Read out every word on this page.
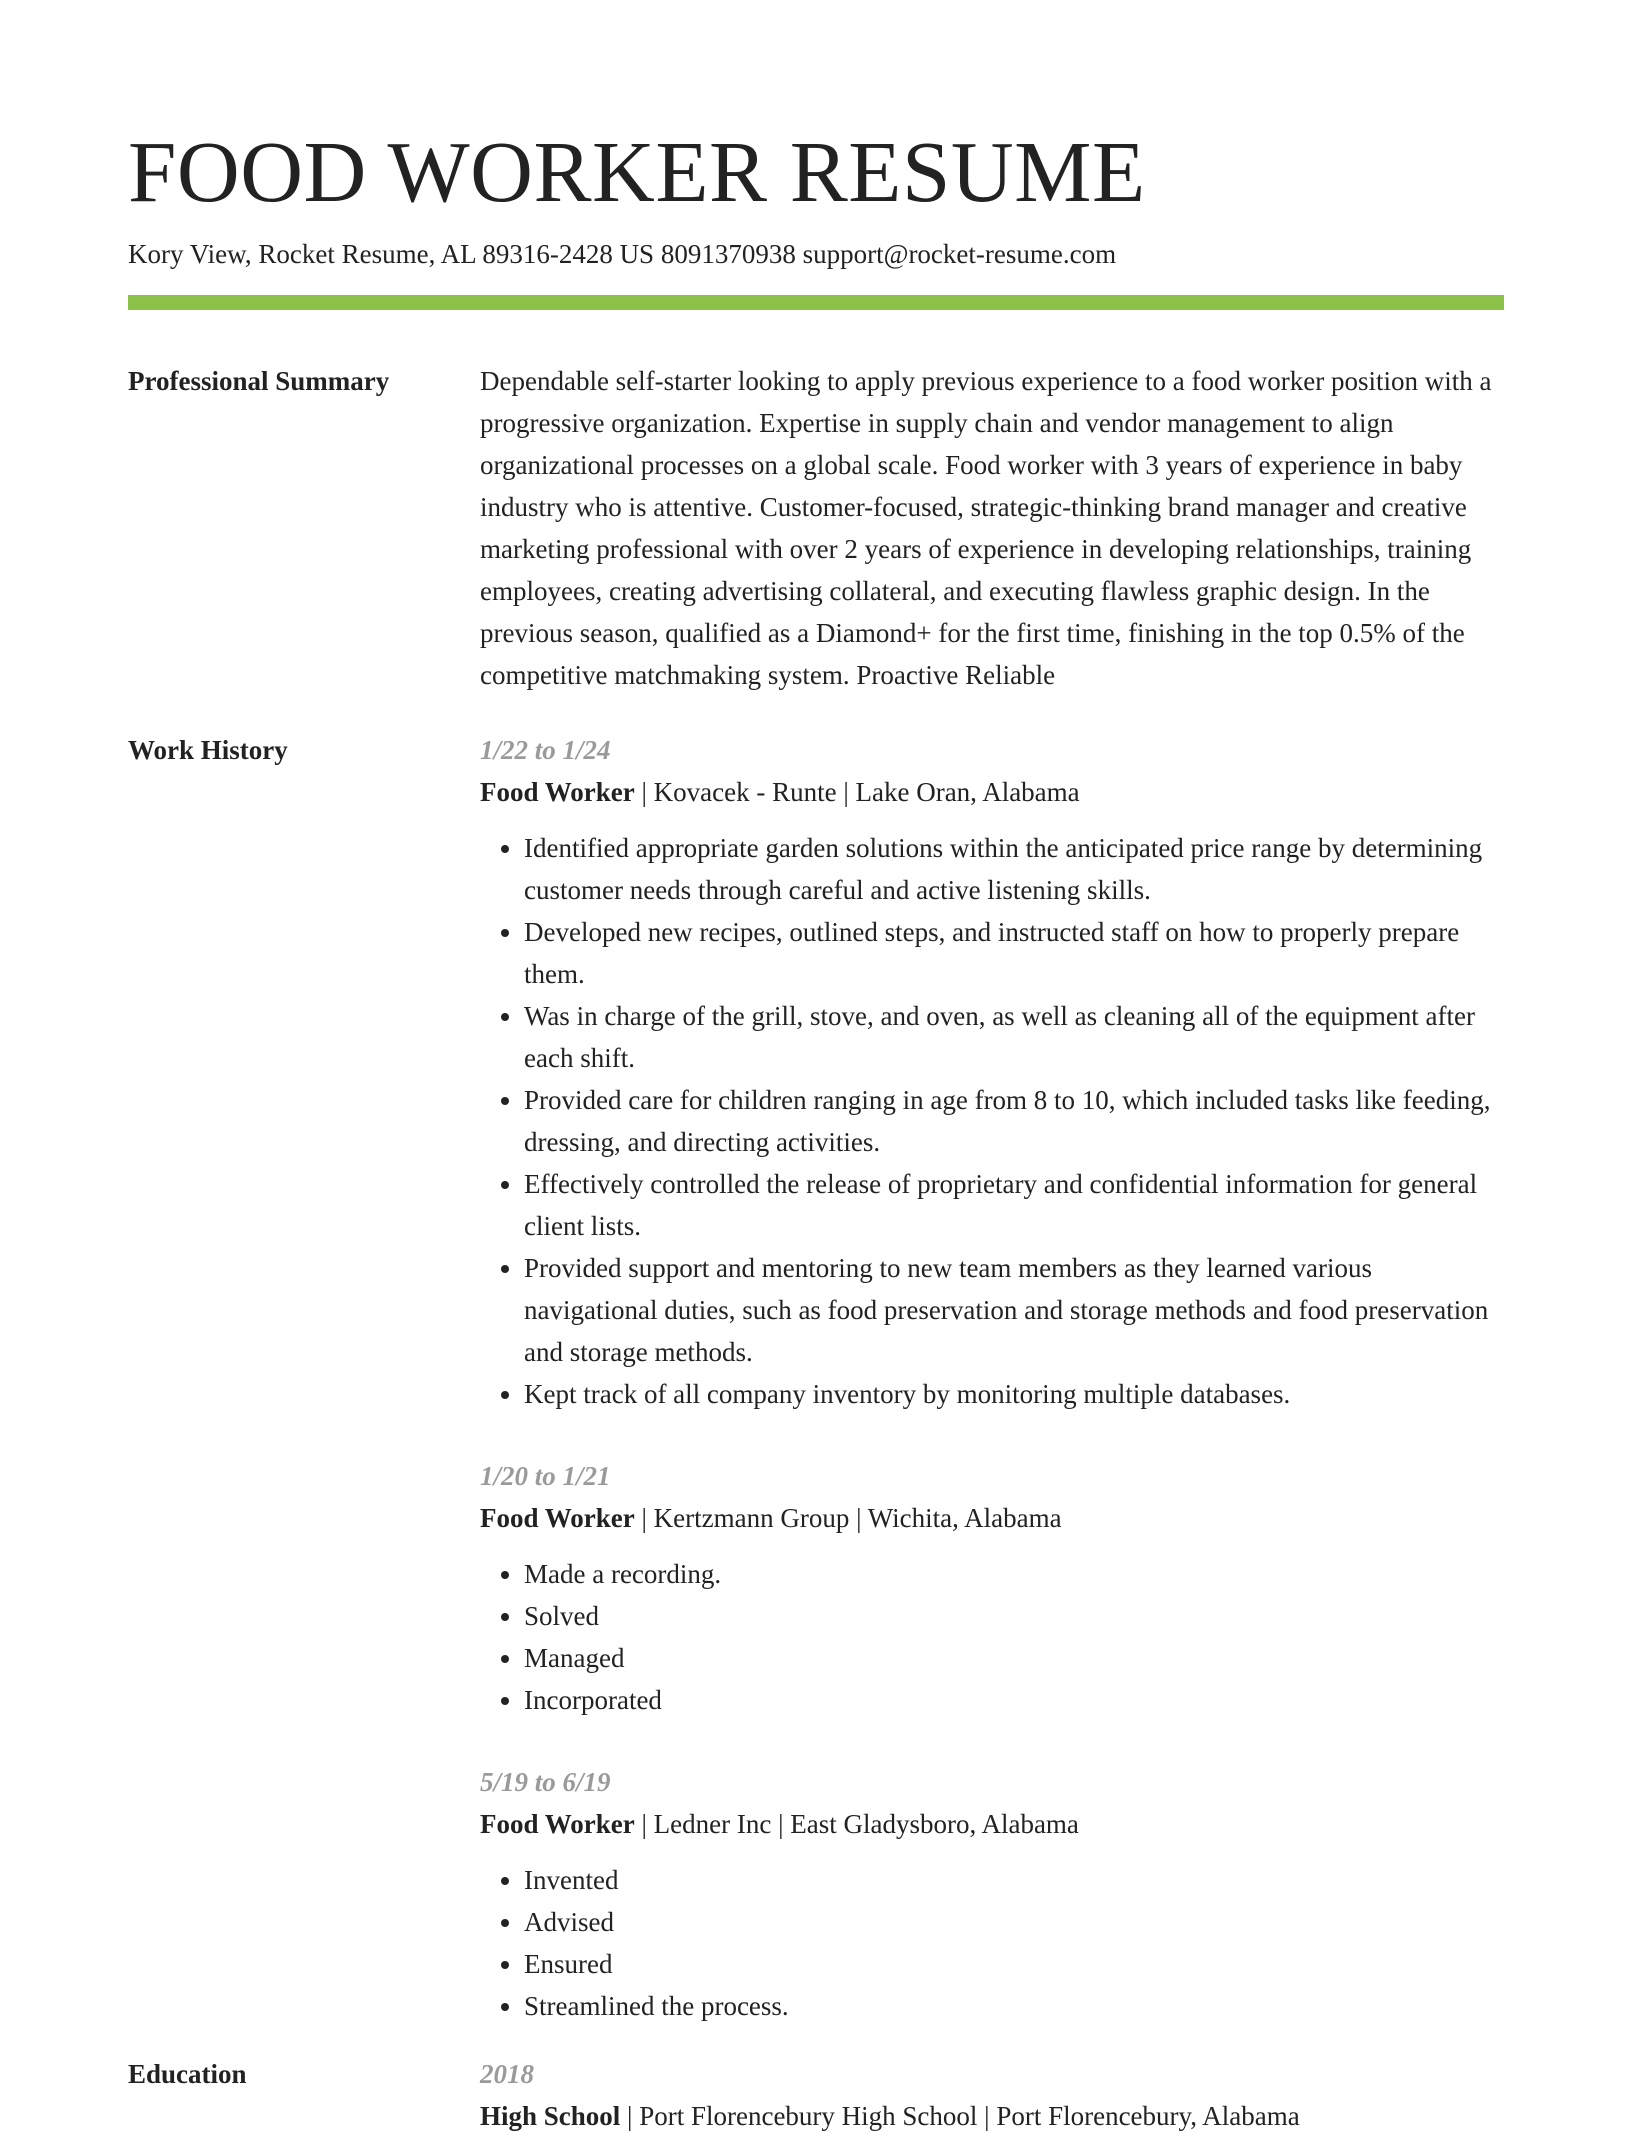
FOOD WORKER RESUME
Kory View, Rocket Resume, AL 89316-2428 US 8091370938 support@rocket-resume.com
Professional Summary	Dependable self-starter looking to apply previous experience to a food worker position with a progressive organization. Expertise in supply chain and vendor management to align organizational processes on a global scale. Food worker with 3 years of experience in baby industry who is attentive. Customer-focused, strategic-thinking brand manager and creative marketing professional with over 2 years of experience in developing relationships, training employees, creating advertising collateral, and executing flawless graphic design. In the previous season, qualified as a Diamond+ for the first time, finishing in the top 0.5% of the competitive matchmaking system. Proactive Reliable
Work History	1/22 to 1/24
Food Worker | Kovacek - Runte | Lake Oran, Alabama
• Identified appropriate garden solutions within the anticipated price range by determining customer needs through careful and active listening skills.
• Developed new recipes, outlined steps, and instructed staff on how to properly prepare them.
• Was in charge of the grill, stove, and oven, as well as cleaning all of the equipment after each shift.
• Provided care for children ranging in age from 8 to 10, which included tasks like feeding, dressing, and directing activities.
• Effectively controlled the release of proprietary and confidential information for general client lists.
• Provided support and mentoring to new team members as they learned various navigational duties, such as food preservation and storage methods and food preservation and storage methods.
• Kept track of all company inventory by monitoring multiple databases.
1/20 to 1/21
Food Worker | Kertzmann Group | Wichita, Alabama
• Made a recording.
• Solved
• Managed
• Incorporated
5/19 to 6/19
Food Worker | Ledner Inc | East Gladysboro, Alabama
• Invented
• Advised
• Ensured
• Streamlined the process.
Education	2018
High School | Port Florencebury High School | Port Florencebury, Alabama
